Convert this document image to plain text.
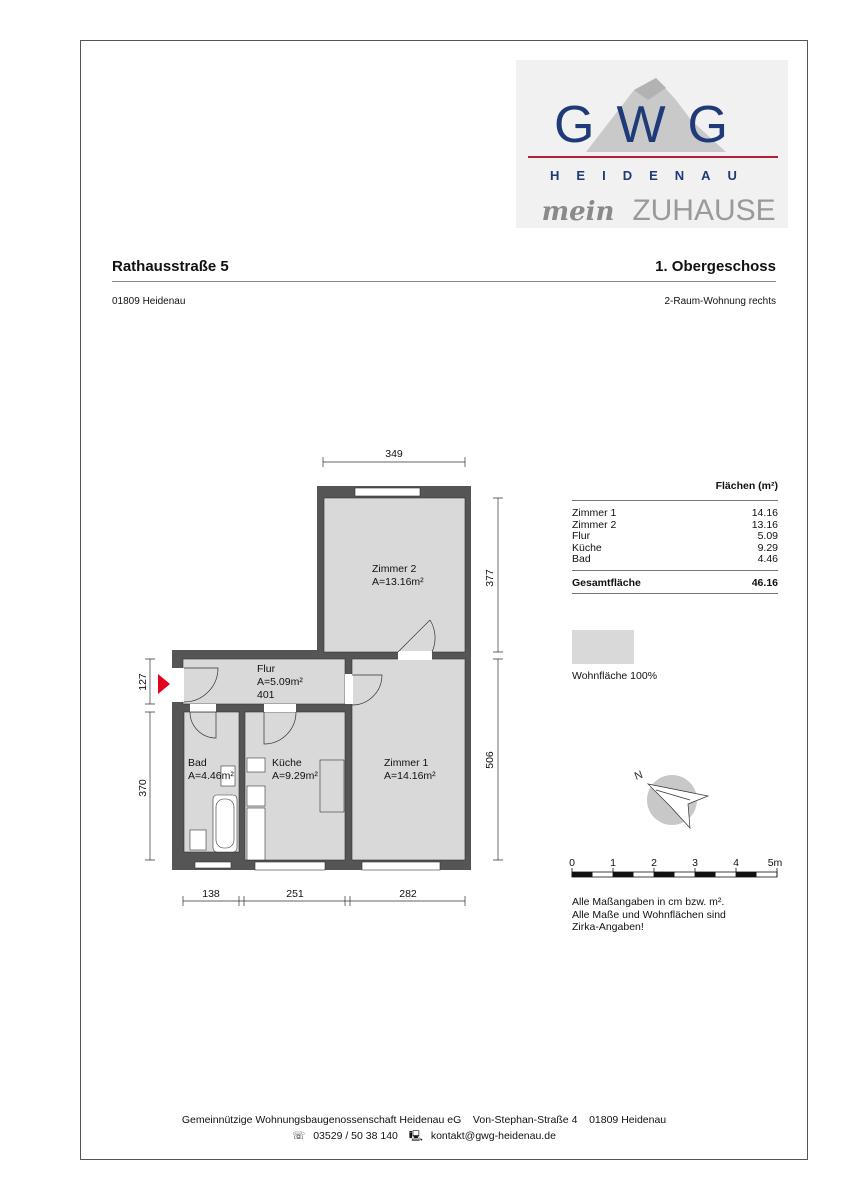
GWG
HEIDENAU
mein ZUHAUSE
Rathausstraße 5	1. Obergeschoss
01809 Heidenau	2-Raum-Wohnung rechts
Zimmer 2
A=13.16m²
Flur
A=5.09m²
401
Bad
A=4.46m²
Küche
A=9.29m²
Zimmer 1
A=14.16m²
349
377
506
127
370
138	251	282
N
0	1	2	3	4	5m
Flächen (m²)
Zimmer 1	14.16
Zimmer 2	13.16
Flur	5.09
Küche	9.29
Bad	4.46
Gesamtfläche	46.16
Wohnfläche 100%
Alle Maßangaben in cm bzw. m².
Alle Maße und Wohnflächen sind
Zirka-Angaben!
Gemeinnützige Wohnungsbaugenossenschaft Heidenau eG    Von-Stephan-Straße 4    01809 Heidenau
☏ 03529 / 50 38 140 🖳 kontakt@gwg-heidenau.de
